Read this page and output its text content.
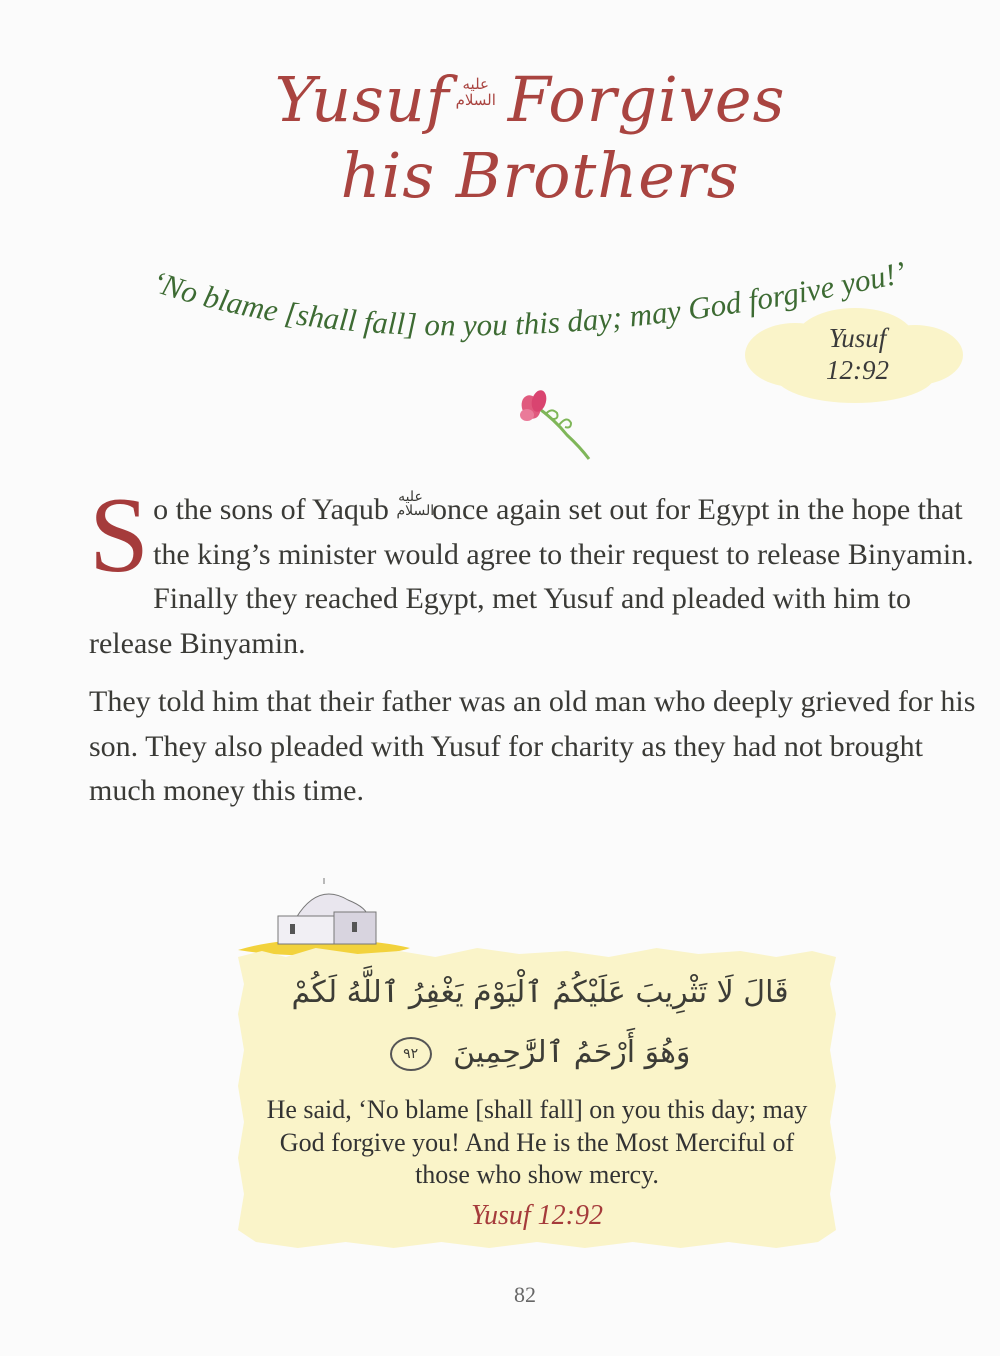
Yusuf عليه السلام Forgives
his Brothers
‘No blame [shall fall] on you this day; may God forgive you!’
Yusuf
12:92
So the sons of Yaqub عليه السلام once again set out for Egypt in the hope that the king’s minister would agree to their request to release Binyamin. Finally they reached Egypt, met Yusuf and pleaded with him to release Binyamin.
They told him that their father was an old man who deeply grieved for his son. They also pleaded with Yusuf for charity as they had not brought much money this time.
قَالَ لَا تَثْرِيبَ عَلَيْكُمُ ٱلْيَوْمَ يَغْفِرُ ٱللَّهُ لَكُمْ
وَهُوَ أَرْحَمُ ٱلرَّٰحِمِينَ ٩٢
He said, ‘No blame [shall fall] on you this day; may God forgive you! And He is the Most Merciful of those who show mercy.
Yusuf 12:92
82
